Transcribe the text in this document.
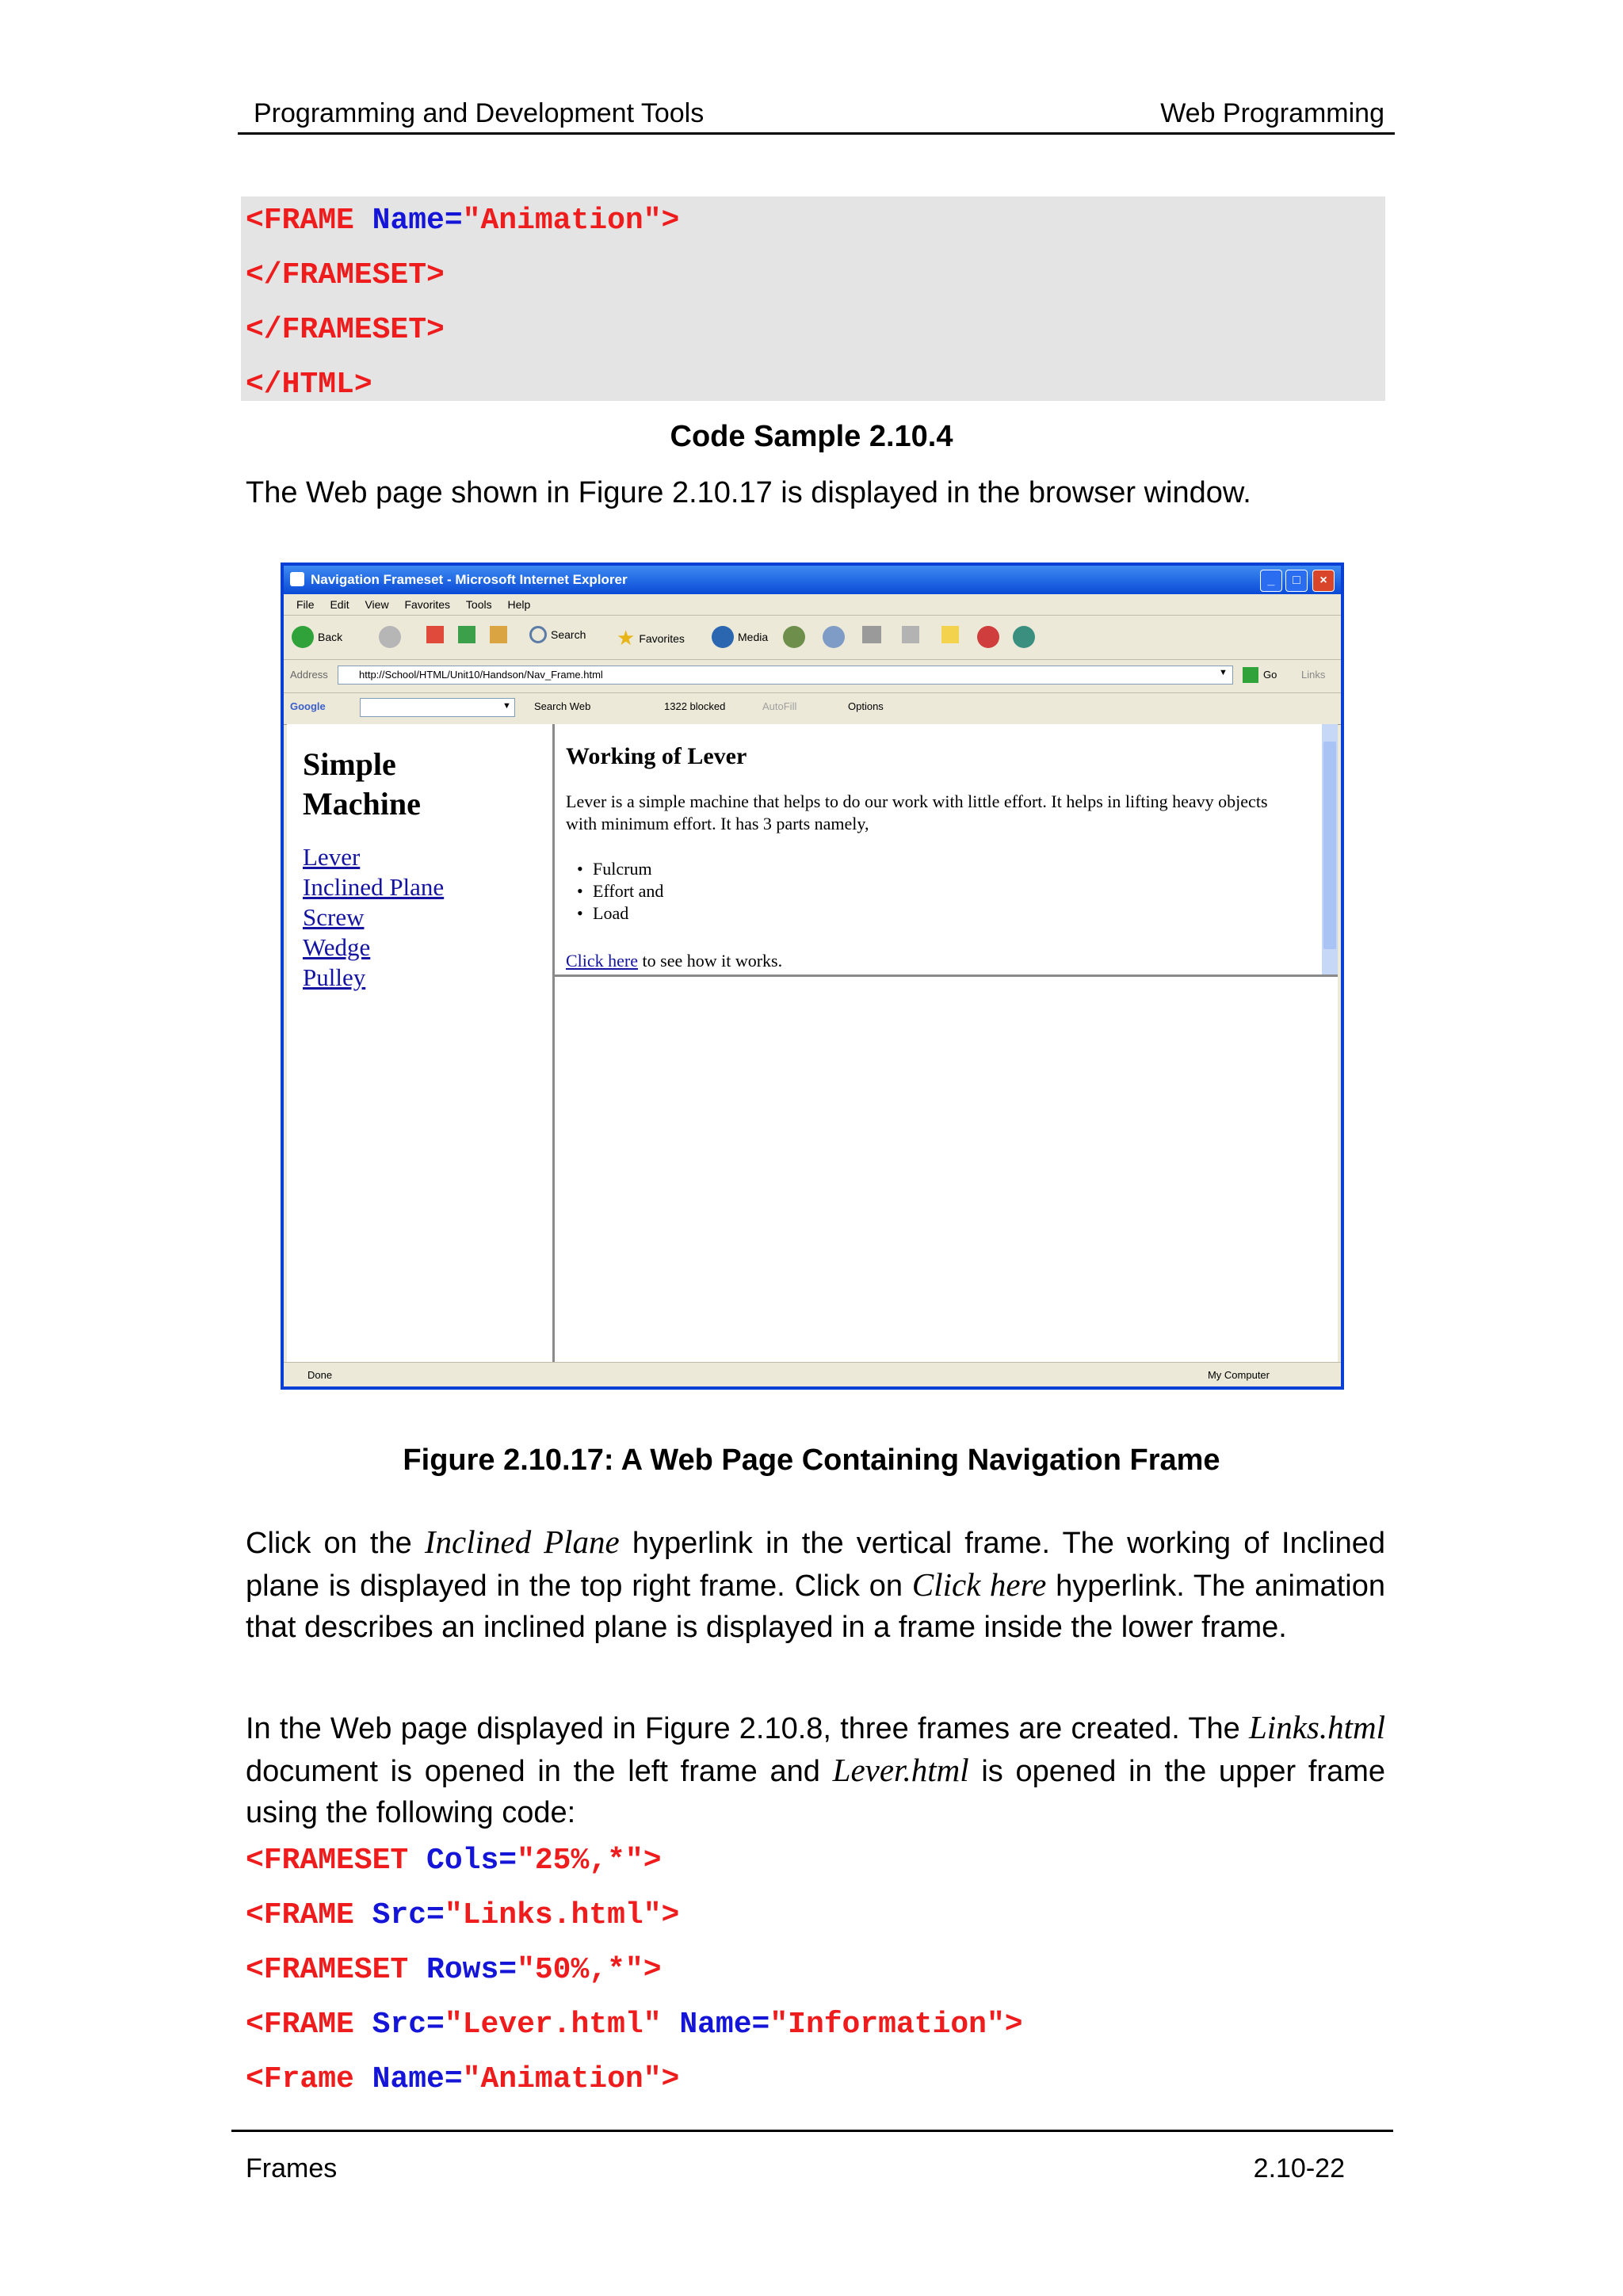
Programming and Development Tools	Web Programming
<FRAME Name="Animation">
</FRAMESET>
</FRAMESET>
</HTML>
Code Sample 2.10.4
The Web page shown in Figure 2.10.17 is displayed in the browser window.
Navigation Frameset - Microsoft Internet Explorer	_	□	×
File Edit View Favorites Tools Help
Back	Search ★ Favorites	Media
Address	http://School/HTML/Unit10/Handson/Nav_Frame.html	▼	Go Links
Google	▼ Search Web	1322 blocked	AutoFill	Options
Simple
Machine
Lever
Inclined Plane
Screw
Wedge
Pulley
Working of Lever
Lever is a simple machine that helps to do our work with little effort. It helps in lifting heavy objects with minimum effort. It has 3 parts namely,
• Fulcrum
• Effort and
• Load
Click here to see how it works.
Done	My Computer
Figure 2.10.17: A Web Page Containing Navigation Frame
Click on the Inclined Plane hyperlink in the vertical frame. The working of Inclined plane is displayed in the top right frame. Click on Click here hyperlink. The animation that describes an inclined plane is displayed in a frame inside the lower frame.
In the Web page displayed in Figure 2.10.8, three frames are created. The Links.html document is opened in the left frame and Lever.html is opened in the upper frame using the following code:
<FRAMESET Cols="25%,*">
<FRAME Src="Links.html">
<FRAMESET Rows="50%,*">
<FRAME Src="Lever.html" Name="Information">
<Frame Name="Animation">
Frames	2.10-22
